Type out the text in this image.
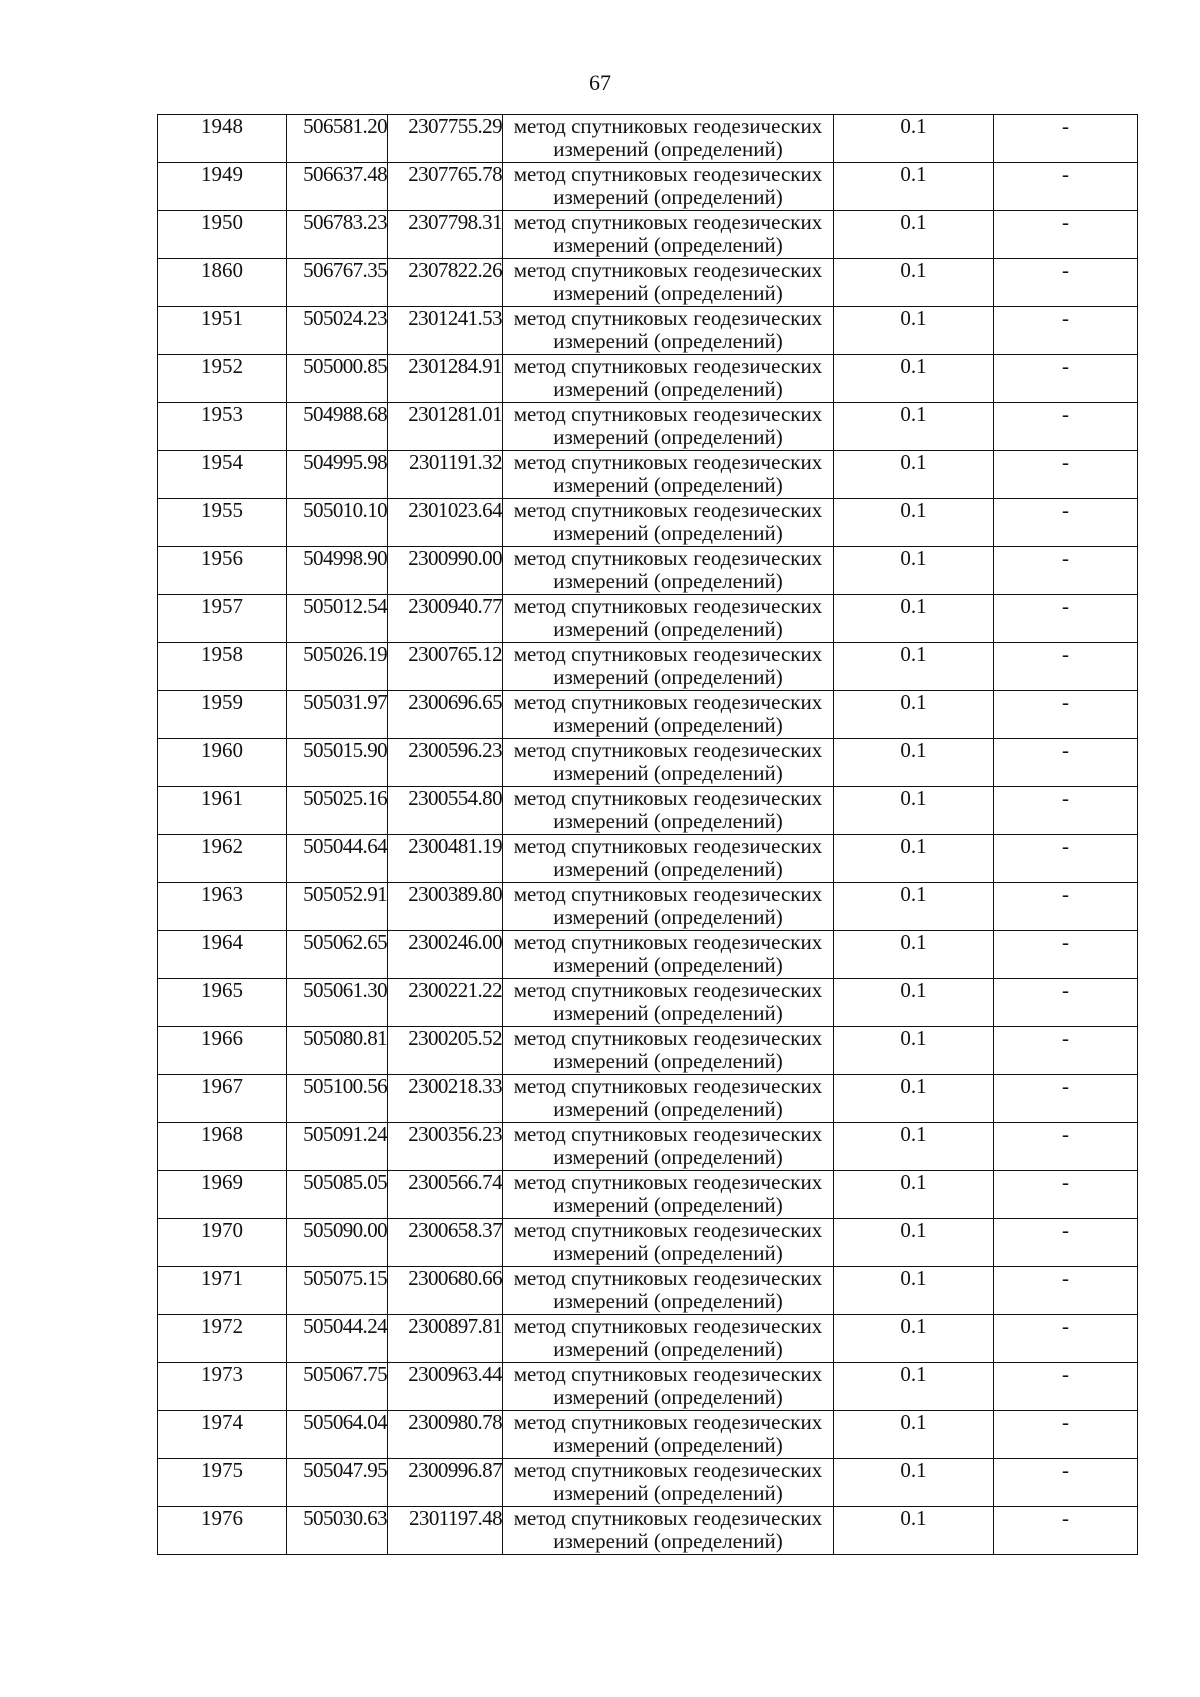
67
1948	506581.20	2307755.29	метод спутниковых геодезических
измерений (определений)	0.1	-
1949	506637.48	2307765.78	метод спутниковых геодезических
измерений (определений)	0.1	-
1950	506783.23	2307798.31	метод спутниковых геодезических
измерений (определений)	0.1	-
1860	506767.35	2307822.26	метод спутниковых геодезических
измерений (определений)	0.1	-
1951	505024.23	2301241.53	метод спутниковых геодезических
измерений (определений)	0.1	-
1952	505000.85	2301284.91	метод спутниковых геодезических
измерений (определений)	0.1	-
1953	504988.68	2301281.01	метод спутниковых геодезических
измерений (определений)	0.1	-
1954	504995.98	2301191.32	метод спутниковых геодезических
измерений (определений)	0.1	-
1955	505010.10	2301023.64	метод спутниковых геодезических
измерений (определений)	0.1	-
1956	504998.90	2300990.00	метод спутниковых геодезических
измерений (определений)	0.1	-
1957	505012.54	2300940.77	метод спутниковых геодезических
измерений (определений)	0.1	-
1958	505026.19	2300765.12	метод спутниковых геодезических
измерений (определений)	0.1	-
1959	505031.97	2300696.65	метод спутниковых геодезических
измерений (определений)	0.1	-
1960	505015.90	2300596.23	метод спутниковых геодезических
измерений (определений)	0.1	-
1961	505025.16	2300554.80	метод спутниковых геодезических
измерений (определений)	0.1	-
1962	505044.64	2300481.19	метод спутниковых геодезических
измерений (определений)	0.1	-
1963	505052.91	2300389.80	метод спутниковых геодезических
измерений (определений)	0.1	-
1964	505062.65	2300246.00	метод спутниковых геодезических
измерений (определений)	0.1	-
1965	505061.30	2300221.22	метод спутниковых геодезических
измерений (определений)	0.1	-
1966	505080.81	2300205.52	метод спутниковых геодезических
измерений (определений)	0.1	-
1967	505100.56	2300218.33	метод спутниковых геодезических
измерений (определений)	0.1	-
1968	505091.24	2300356.23	метод спутниковых геодезических
измерений (определений)	0.1	-
1969	505085.05	2300566.74	метод спутниковых геодезических
измерений (определений)	0.1	-
1970	505090.00	2300658.37	метод спутниковых геодезических
измерений (определений)	0.1	-
1971	505075.15	2300680.66	метод спутниковых геодезических
измерений (определений)	0.1	-
1972	505044.24	2300897.81	метод спутниковых геодезических
измерений (определений)	0.1	-
1973	505067.75	2300963.44	метод спутниковых геодезических
измерений (определений)	0.1	-
1974	505064.04	2300980.78	метод спутниковых геодезических
измерений (определений)	0.1	-
1975	505047.95	2300996.87	метод спутниковых геодезических
измерений (определений)	0.1	-
1976	505030.63	2301197.48	метод спутниковых геодезических
измерений (определений)	0.1	-
